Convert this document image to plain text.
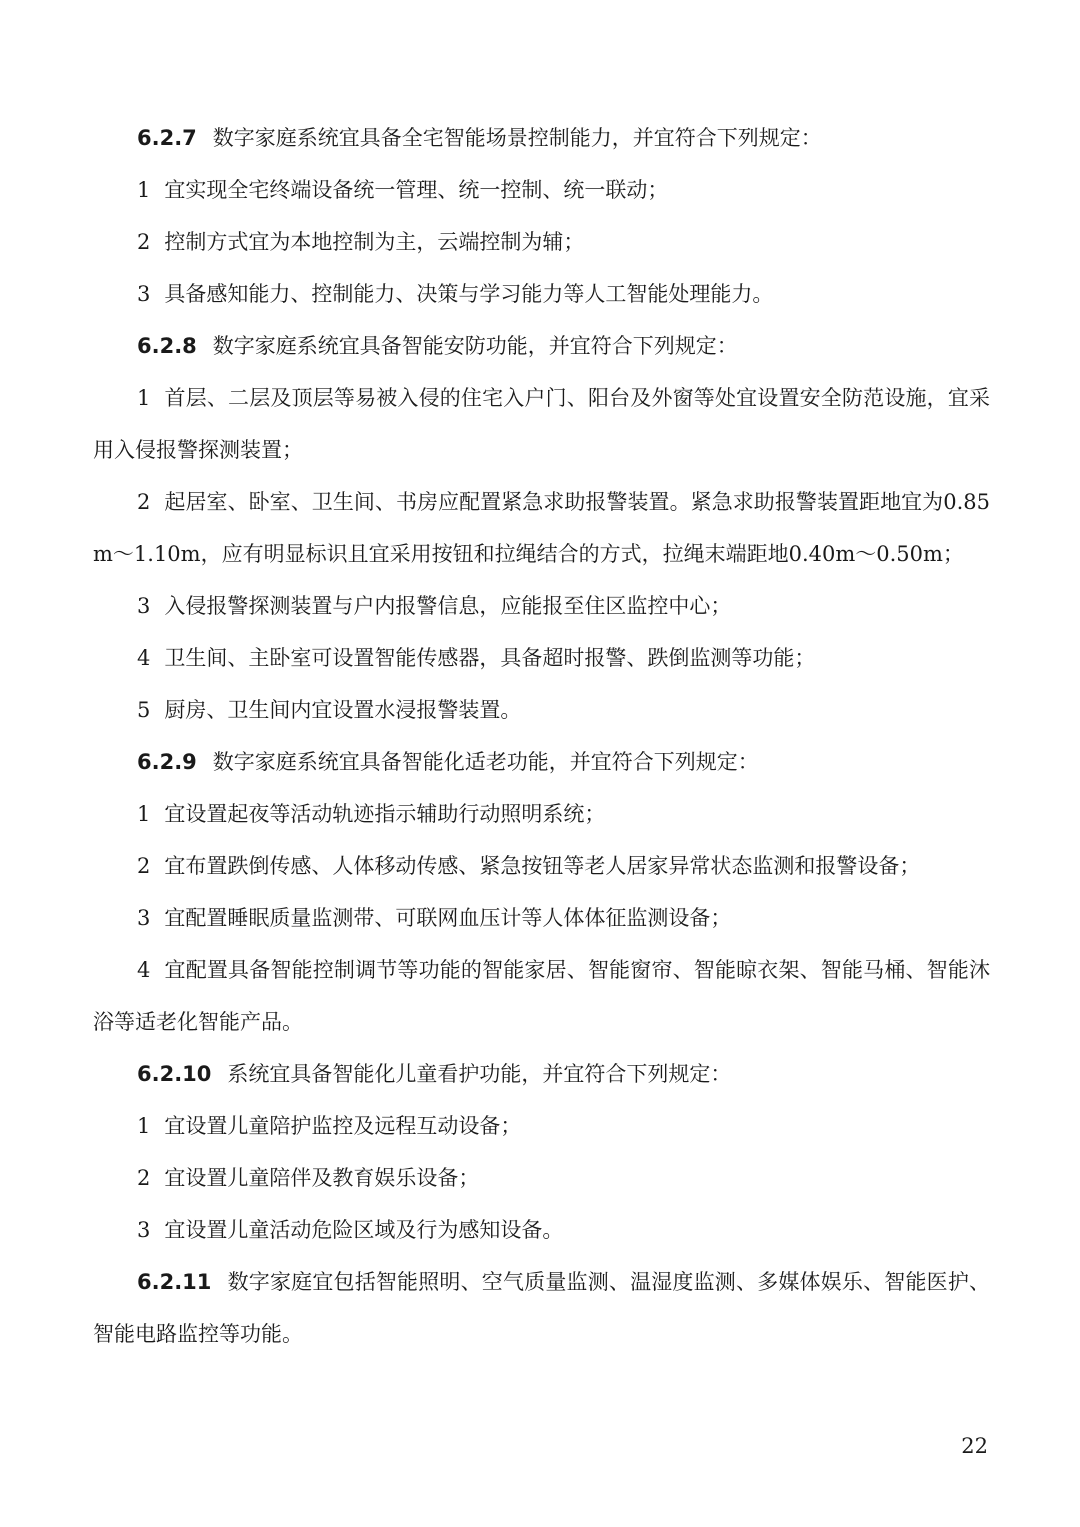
6.2.7 数字家庭系统宜具备全宅智能场景控制能力，并宜符合下列规定：

1 宜实现全宅终端设备统一管理、统一控制、统一联动；

2 控制方式宜为本地控制为主，云端控制为辅；

3 具备感知能力、控制能力、决策与学习能力等人工智能处理能力。

6.2.8 数字家庭系统宜具备智能安防功能，并宜符合下列规定：

1 首层、二层及顶层等易被入侵的住宅入户门、阳台及外窗等处宜设置安全防范设施，宜采用入侵报警探测装置；

2 起居室、卧室、卫生间、书房应配置紧急求助报警装置。紧急求助报警装置距地宜为0.85m～1.10m，应有明显标识且宜采用按钮和拉绳结合的方式，拉绳末端距地0.40m～0.50m；

3 入侵报警探测装置与户内报警信息，应能报至住区监控中心；

4 卫生间、主卧室可设置智能传感器，具备超时报警、跌倒监测等功能；

5 厨房、卫生间内宜设置水浸报警装置。

6.2.9 数字家庭系统宜具备智能化适老功能，并宜符合下列规定：

1 宜设置起夜等活动轨迹指示辅助行动照明系统；

2 宜布置跌倒传感、人体移动传感、紧急按钮等老人居家异常状态监测和报警设备；

3 宜配置睡眠质量监测带、可联网血压计等人体体征监测设备；

4 宜配置具备智能控制调节等功能的智能家居、智能窗帘、智能晾衣架、智能马桶、智能沐浴等适老化智能产品。

6.2.10 系统宜具备智能化儿童看护功能，并宜符合下列规定：

1 宜设置儿童陪护监控及远程互动设备；

2 宜设置儿童陪伴及教育娱乐设备；

3 宜设置儿童活动危险区域及行为感知设备。

6.2.11 数字家庭宜包括智能照明、空气质量监测、温湿度监测、多媒体娱乐、智能医护、智能电路监控等功能。

22
